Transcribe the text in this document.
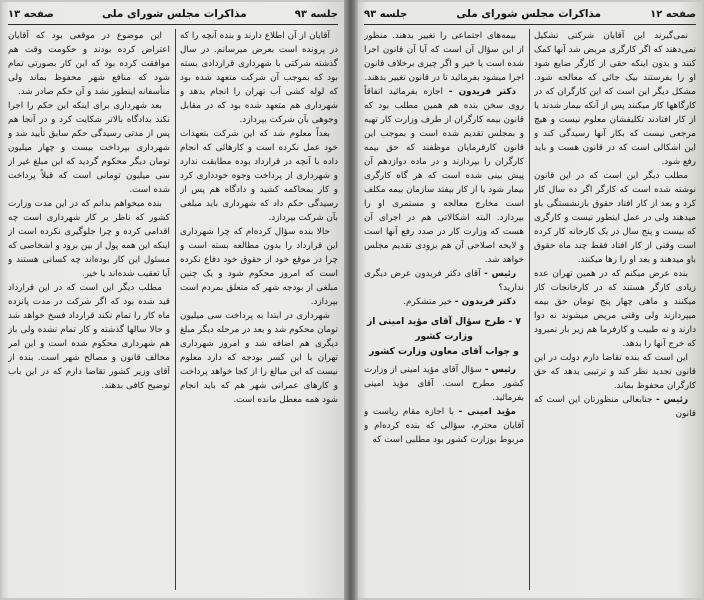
صفحه ۱۳	مذاکرات مجلس شورای ملی	جلسه ۹۳

آقایان از آن اطلاع دارند و بنده آنچه را که در پرونده است بعرض میرسانم. در سال گذشته شرکتی با شهرداری قراردادی بسته بود که بموجب آن شرکت متعهد شده بود که لوله کشی آب تهران را انجام بدهد و شهرداری هم متعهد شده بود که در مقابل وجوهی بآن شرکت بپردازد.

بعداً معلوم شد که این شرکت بتعهدات خود عمل نکرده است و کارهائی که انجام داده با آنچه در قرارداد بوده مطابقت ندارد و شهرداری از پرداخت وجوه خودداری کرد و کار بمحاکمه کشید و دادگاه هم پس از رسیدگی حکم داد که شهرداری باید مبلغی بآن شرکت بپردازد.

حالا بنده سؤال کرده‌ام که چرا شهرداری این قرارداد را بدون مطالعه بسته است و چرا در موقع خود از حقوق خود دفاع نکرده است که امروز محکوم شود و یک چنین مبلغی از بودجه شهر که متعلق بمردم است بپردازد.

شهرداری در ابتدا به پرداخت سی میلیون تومان محکوم شد و بعد در مرحله دیگر مبلغ دیگری هم اضافه شد و امروز شهرداری تهران با این کسر بودجه که دارد معلوم نیست که این مبالغ را از کجا خواهد پرداخت و کارهای عمرانی شهر هم که باید انجام شود همه معطل مانده است.

این موضوع در موقعی بود که آقایان اعتراض کرده بودند و حکومت وقت هم موافقت کرده بود که این کار بصورتی تمام شود که منافع شهر محفوظ بماند ولی متأسفانه اینطور نشد و آن حکم صادر شد.

بعد شهرداری برای اینکه این حکم را اجرا نکند بدادگاه بالاتر شکایت کرد و در آنجا هم پس از مدتی رسیدگی حکم سابق تأیید شد و شهرداری بپرداخت بیست و چهار میلیون تومان دیگر محکوم گردید که این مبلغ غیر از سی میلیون تومانی است که قبلاً پرداخت شده است.

بنده میخواهم بدانم که در این مدت وزارت کشور که ناظر بر کار شهرداری است چه اقدامی کرده و چرا جلوگیری نکرده است از اینکه این همه پول از بین برود و اشخاصی که مسئول این کار بوده‌اند چه کسانی هستند و آیا تعقیب شده‌اند یا خیر.

مطلب دیگر این است که در این قرارداد قید شده بود که اگر شرکت در مدت پانزده ماه کار را تمام نکند قرارداد فسخ خواهد شد و حالا سالها گذشته و کار تمام نشده ولی باز هم شهرداری محکوم شده است و این امر مخالف قانون و مصالح شهر است. بنده از آقای وزیر کشور تقاضا دارم که در این باب توضیح کافی بدهند.

جلسه ۹۳	مذاکرات مجلس شورای ملی	صفحه ۱۲

نمی‌گیرند این آقایان شرکتی تشکیل نمی‌دهند که اگر کارگری مریض شد آنها کمک کنند و بدون اینکه حقی از کارگر ضایع شود او را بفرستند بیک جائی که معالجه شود. مشکل دیگر این است که این کارگران که در کارگاهها کار میکنند پس از آنکه بیمار شدند یا از کار افتادند تکلیفشان معلوم نیست و هیچ مرجعی نیست که بکار آنها رسیدگی کند و این اشکالی است که در قانون هست و باید رفع شود.

مطلب دیگر این است که در این قانون نوشته شده است که کارگر اگر ده سال کار کرد و بعد از کار افتاد حقوق بازنشستگی باو میدهند ولی در عمل اینطور نیست و کارگری که بیست و پنج سال در یک کارخانه کار کرده است وقتی از کار افتاد فقط چند ماه حقوق باو میدهند و بعد او را رها میکنند.

بنده عرض میکنم که در همین تهران عده زیادی کارگر هستند که در کارخانجات کار میکنند و ماهی چهار پنج تومان حق بیمه میپردازند ولی وقتی مریض میشوند نه دوا دارند و نه طبیب و کارفرما هم زیر بار نمیرود که خرج آنها را بدهد.

این است که بنده تقاضا دارم دولت در این قانون تجدید نظر کند و ترتیبی بدهد که حق کارگران محفوظ بماند.

رئیس - جنابعالی منظورتان این است که قانون

بیمه‌های اجتماعی را تغییر بدهند. منظور از این سؤال آن است که آیا آن قانون اجرا شده است یا خیر و اگر چیزی برخلاف قانون اجرا میشود بفرمائید تا در قانون تغییر بدهند.

دکتر فریدون - اجازه بفرمائید اتفاقاً روی سخن بنده هم همین مطلب بود که قانون بیمه کارگران از طرف وزارت کار تهیه و بمجلس تقدیم شده است و بموجب این قانون کارفرمایان موظفند که حق بیمه کارگران را بپردازند و در ماده دوازدهم آن پیش بینی شده است که هر گاه کارگری بیمار شود یا از کار بیفتد سازمان بیمه مکلف است مخارج معالجه و مستمری او را بپردازد. البته اشکالاتی هم در اجرای آن هست که وزارت کار در صدد رفع آنها است و لایحه اصلاحی آن هم بزودی تقدیم مجلس خواهد شد.

رئیس - آقای دکتر فریدون عرض دیگری ندارید؟

دکتر فریدون - خیر متشکرم.

۷ - طرح سؤال آقای مؤید امینی از وزارت کشور
و جواب آقای معاون وزارت کشور

رئیس - سؤال آقای مؤید امینی از وزارت کشور مطرح است. آقای مؤید امینی بفرمائید.

مؤید امینی - با اجازه مقام ریاست و آقایان محترم، سؤالی که بنده کرده‌ام و مربوط بوزارت کشور بود مطلبی است که
